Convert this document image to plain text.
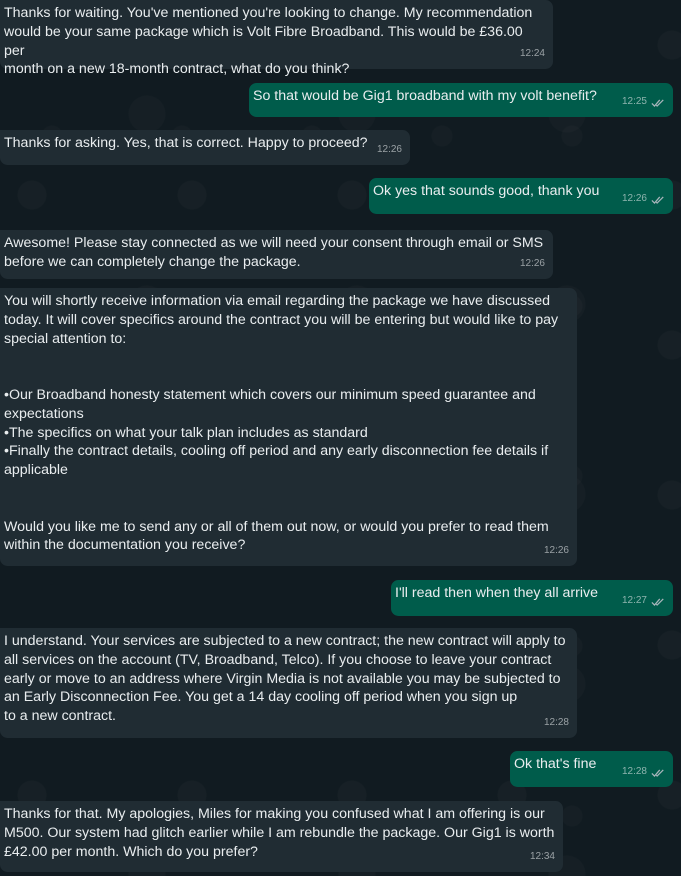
Thanks for waiting. You've mentioned you're looking to change. My recommendation
would be your same package which is Volt Fibre Broadband. This would be £36.00 per
month on a new 18-month contract, what do you think?
12:24
So that would be Gig1 broadband with my volt benefit?	12:25
Thanks for asking. Yes, that is correct. Happy to proceed? 12:26
Ok yes that sounds good, thank you	12:26
Awesome! Please stay connected as we will need your consent through email or SMS
before we can completely change the package.	12:26
You will shortly receive information via email regarding the package we have discussed
today. It will cover specifics around the contract you will be entering but would like to pay
special attention to:

•Our Broadband honesty statement which covers our minimum speed guarantee and
expectations
•The specifics on what your talk plan includes as standard
•Finally the contract details, cooling off period and any early disconnection fee details if
applicable

Would you like me to send any or all of them out now, or would you prefer to read them
within the documentation you receive?	12:26
I'll read then when they all arrive	12:27
I understand. Your services are subjected to a new contract; the new contract will apply to
all services on the account (TV, Broadband, Telco). If you choose to leave your contract
early or move to an address where Virgin Media is not available you may be subjected to
an Early Disconnection Fee. You get a 14 day cooling off period when you sign up
to a new contract.	12:28
Ok that's fine	12:28
Thanks for that. My apologies, Miles for making you confused what I am offering is our
M500. Our system had glitch earlier while I am rebundle the package. Our Gig1 is worth
£42.00 per month. Which do you prefer?	12:34
